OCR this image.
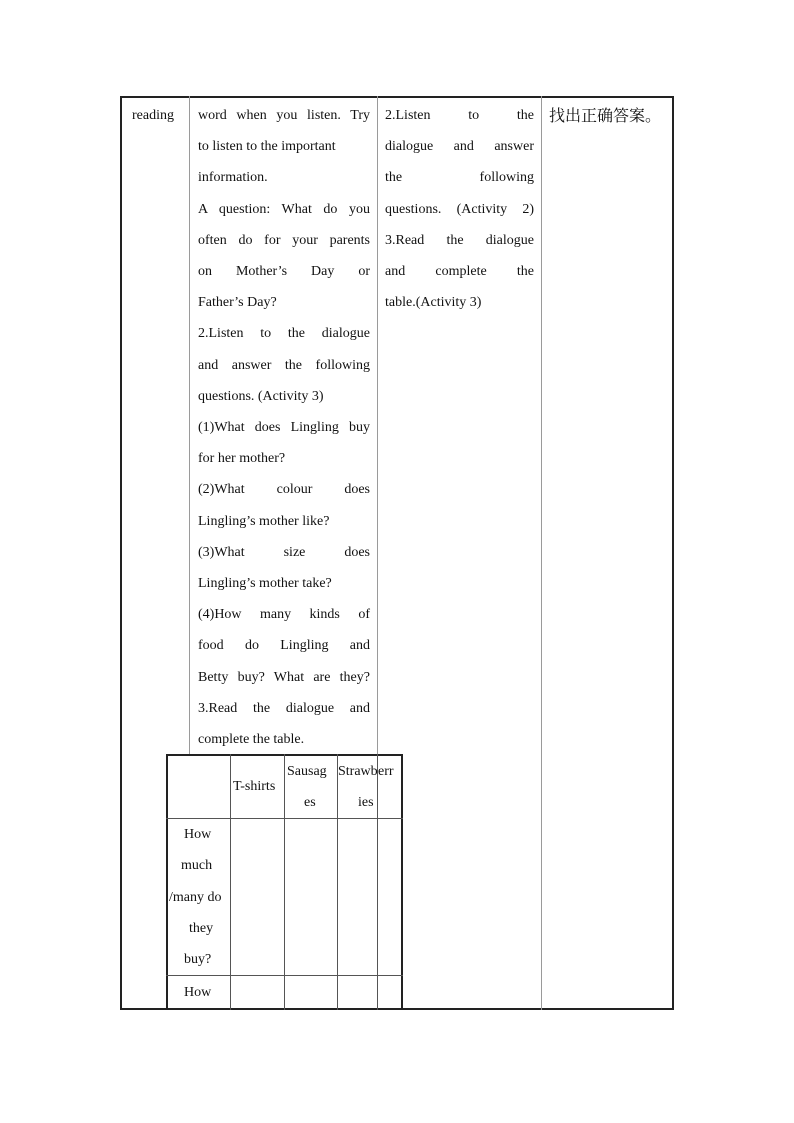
reading	word when you listen. Try

to listen to the important

information.

A question: What do you

often do for your parents

on Mother’s Day or

Father’s Day?

2.Listen to the dialogue

and answer the following

questions. (Activity 3)

(1)What does Lingling buy

for her mother?

(2)What colour does

Lingling’s mother like?

(3)What size does

Lingling’s mother take?

(4)How many kinds of

food do Lingling and

Betty buy? What are they?

3.Read the dialogue and

complete the table.

2.Listen to the

dialogue and answer

the following

questions. (Activity 2)

3.Read the dialogue

and complete the

table.(Activity 3)

找出正确答案。

T-shirts
Sausag
es
Strawb err
ies
How
much
/many do
they
buy?
How
